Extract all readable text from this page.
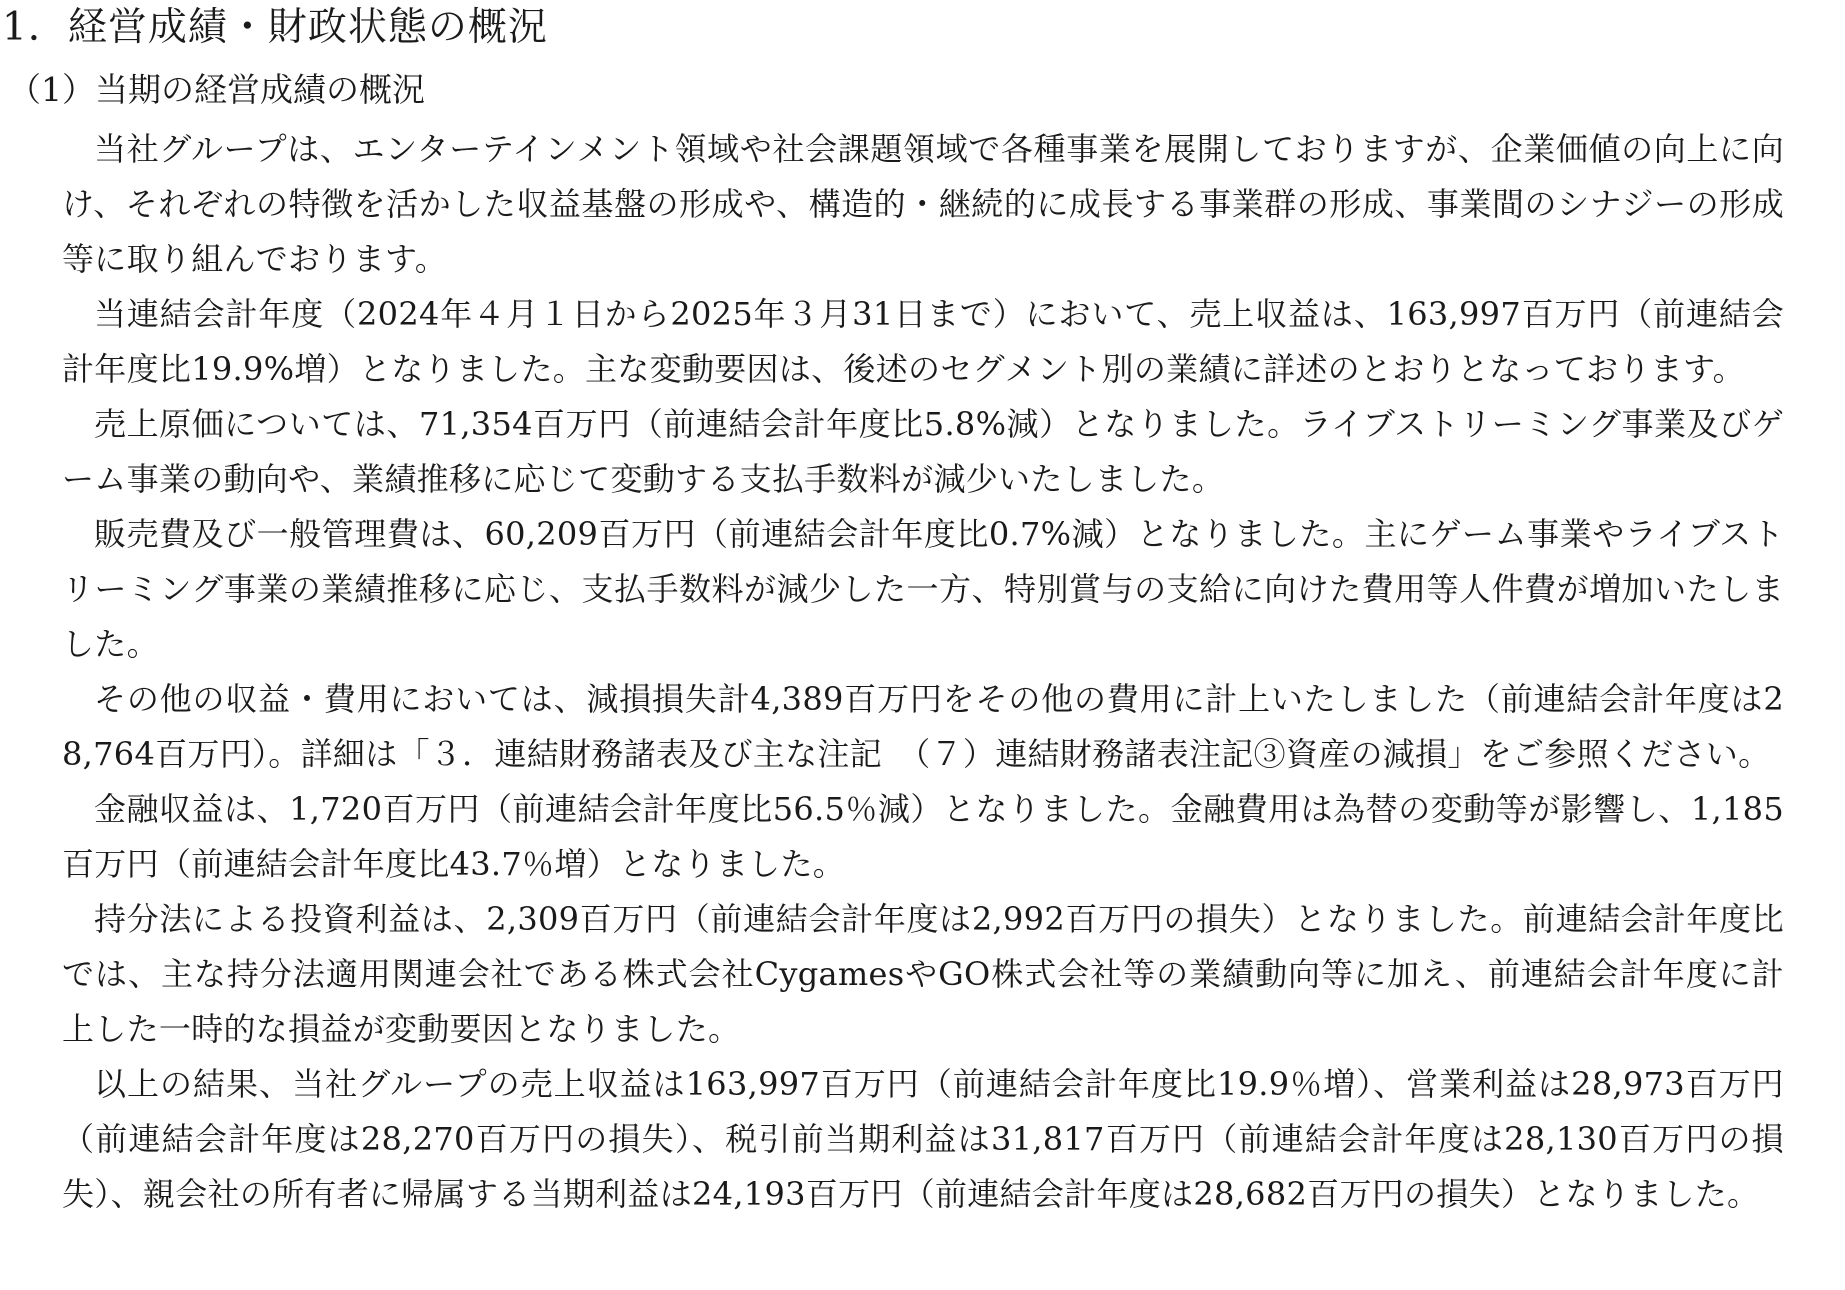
1．経営成績・財政状態の概況
（1）当期の経営成績の概況

当社グループは、エンターテインメント領域や社会課題領域で各種事業を展開しておりますが、企業価値の向上に向け、それぞれの特徴を活かした収益基盤の形成や、構造的・継続的に成長する事業群の形成、事業間のシナジーの形成等に取り組んでおります。

当連結会計年度（2024年４月１日から2025年３月31日まで）において、売上収益は、163,997百万円（前連結会計年度比19.9%増）となりました。主な変動要因は、後述のセグメント別の業績に詳述のとおりとなっております。

売上原価については、71,354百万円（前連結会計年度比5.8%減）となりました。ライブストリーミング事業及びゲーム事業の動向や、業績推移に応じて変動する支払手数料が減少いたしました。

販売費及び一般管理費は、60,209百万円（前連結会計年度比0.7%減）となりました。主にゲーム事業やライブストリーミング事業の業績推移に応じ、支払手数料が減少した一方、特別賞与の支給に向けた費用等人件費が増加いたしました。

その他の収益・費用においては、減損損失計4,389百万円をその他の費用に計上いたしました（前連結会計年度は28,764百万円）。詳細は「３．連結財務諸表及び主な注記　（７）連結財務諸表注記③資産の減損」をご参照ください。

金融収益は、1,720百万円（前連結会計年度比56.5％減）となりました。金融費用は為替の変動等が影響し、1,185百万円（前連結会計年度比43.7％増）となりました。

持分法による投資利益は、2,309百万円（前連結会計年度は2,992百万円の損失）となりました。前連結会計年度比では、主な持分法適用関連会社である株式会社CygamesやGO株式会社等の業績動向等に加え、前連結会計年度に計上した一時的な損益が変動要因となりました。

以上の結果、当社グループの売上収益は163,997百万円（前連結会計年度比19.9％増）、営業利益は28,973百万円（前連結会計年度は28,270百万円の損失）、税引前当期利益は31,817百万円（前連結会計年度は28,130百万円の損失）、親会社の所有者に帰属する当期利益は24,193百万円（前連結会計年度は28,682百万円の損失）となりました。
